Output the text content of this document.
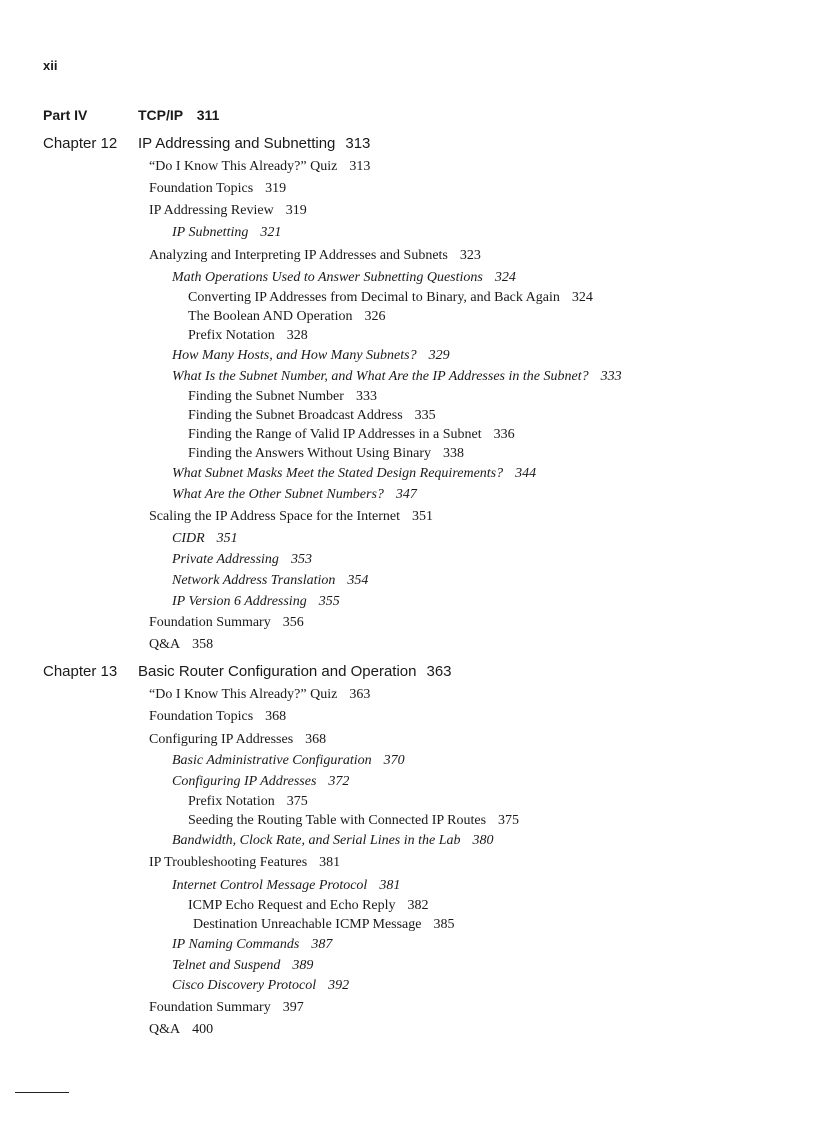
xii
Part IV	TCP/IP 311
Chapter 12 IP Addressing and Subnetting 313
“Do I Know This Already?” Quiz 313
Foundation Topics 319
IP Addressing Review 319
IP Subnetting 321
Analyzing and Interpreting IP Addresses and Subnets 323
Math Operations Used to Answer Subnetting Questions 324
Converting IP Addresses from Decimal to Binary, and Back Again 324
The Boolean AND Operation 326
Prefix Notation 328
How Many Hosts, and How Many Subnets? 329
What Is the Subnet Number, and What Are the IP Addresses in the Subnet? 333
Finding the Subnet Number 333
Finding the Subnet Broadcast Address 335
Finding the Range of Valid IP Addresses in a Subnet 336
Finding the Answers Without Using Binary 338
What Subnet Masks Meet the Stated Design Requirements? 344
What Are the Other Subnet Numbers? 347
Scaling the IP Address Space for the Internet 351
CIDR 351
Private Addressing 353
Network Address Translation 354
IP Version 6 Addressing 355
Foundation Summary 356
Q&A 358
Chapter 13 Basic Router Configuration and Operation 363
“Do I Know This Already?” Quiz 363
Foundation Topics 368
Configuring IP Addresses 368
Basic Administrative Configuration 370
Configuring IP Addresses 372
Prefix Notation 375
Seeding the Routing Table with Connected IP Routes 375
Bandwidth, Clock Rate, and Serial Lines in the Lab 380
IP Troubleshooting Features 381
Internet Control Message Protocol 381
ICMP Echo Request and Echo Reply 382
Destination Unreachable ICMP Message 385
IP Naming Commands 387
Telnet and Suspend 389
Cisco Discovery Protocol 392
Foundation Summary 397
Q&A 400
